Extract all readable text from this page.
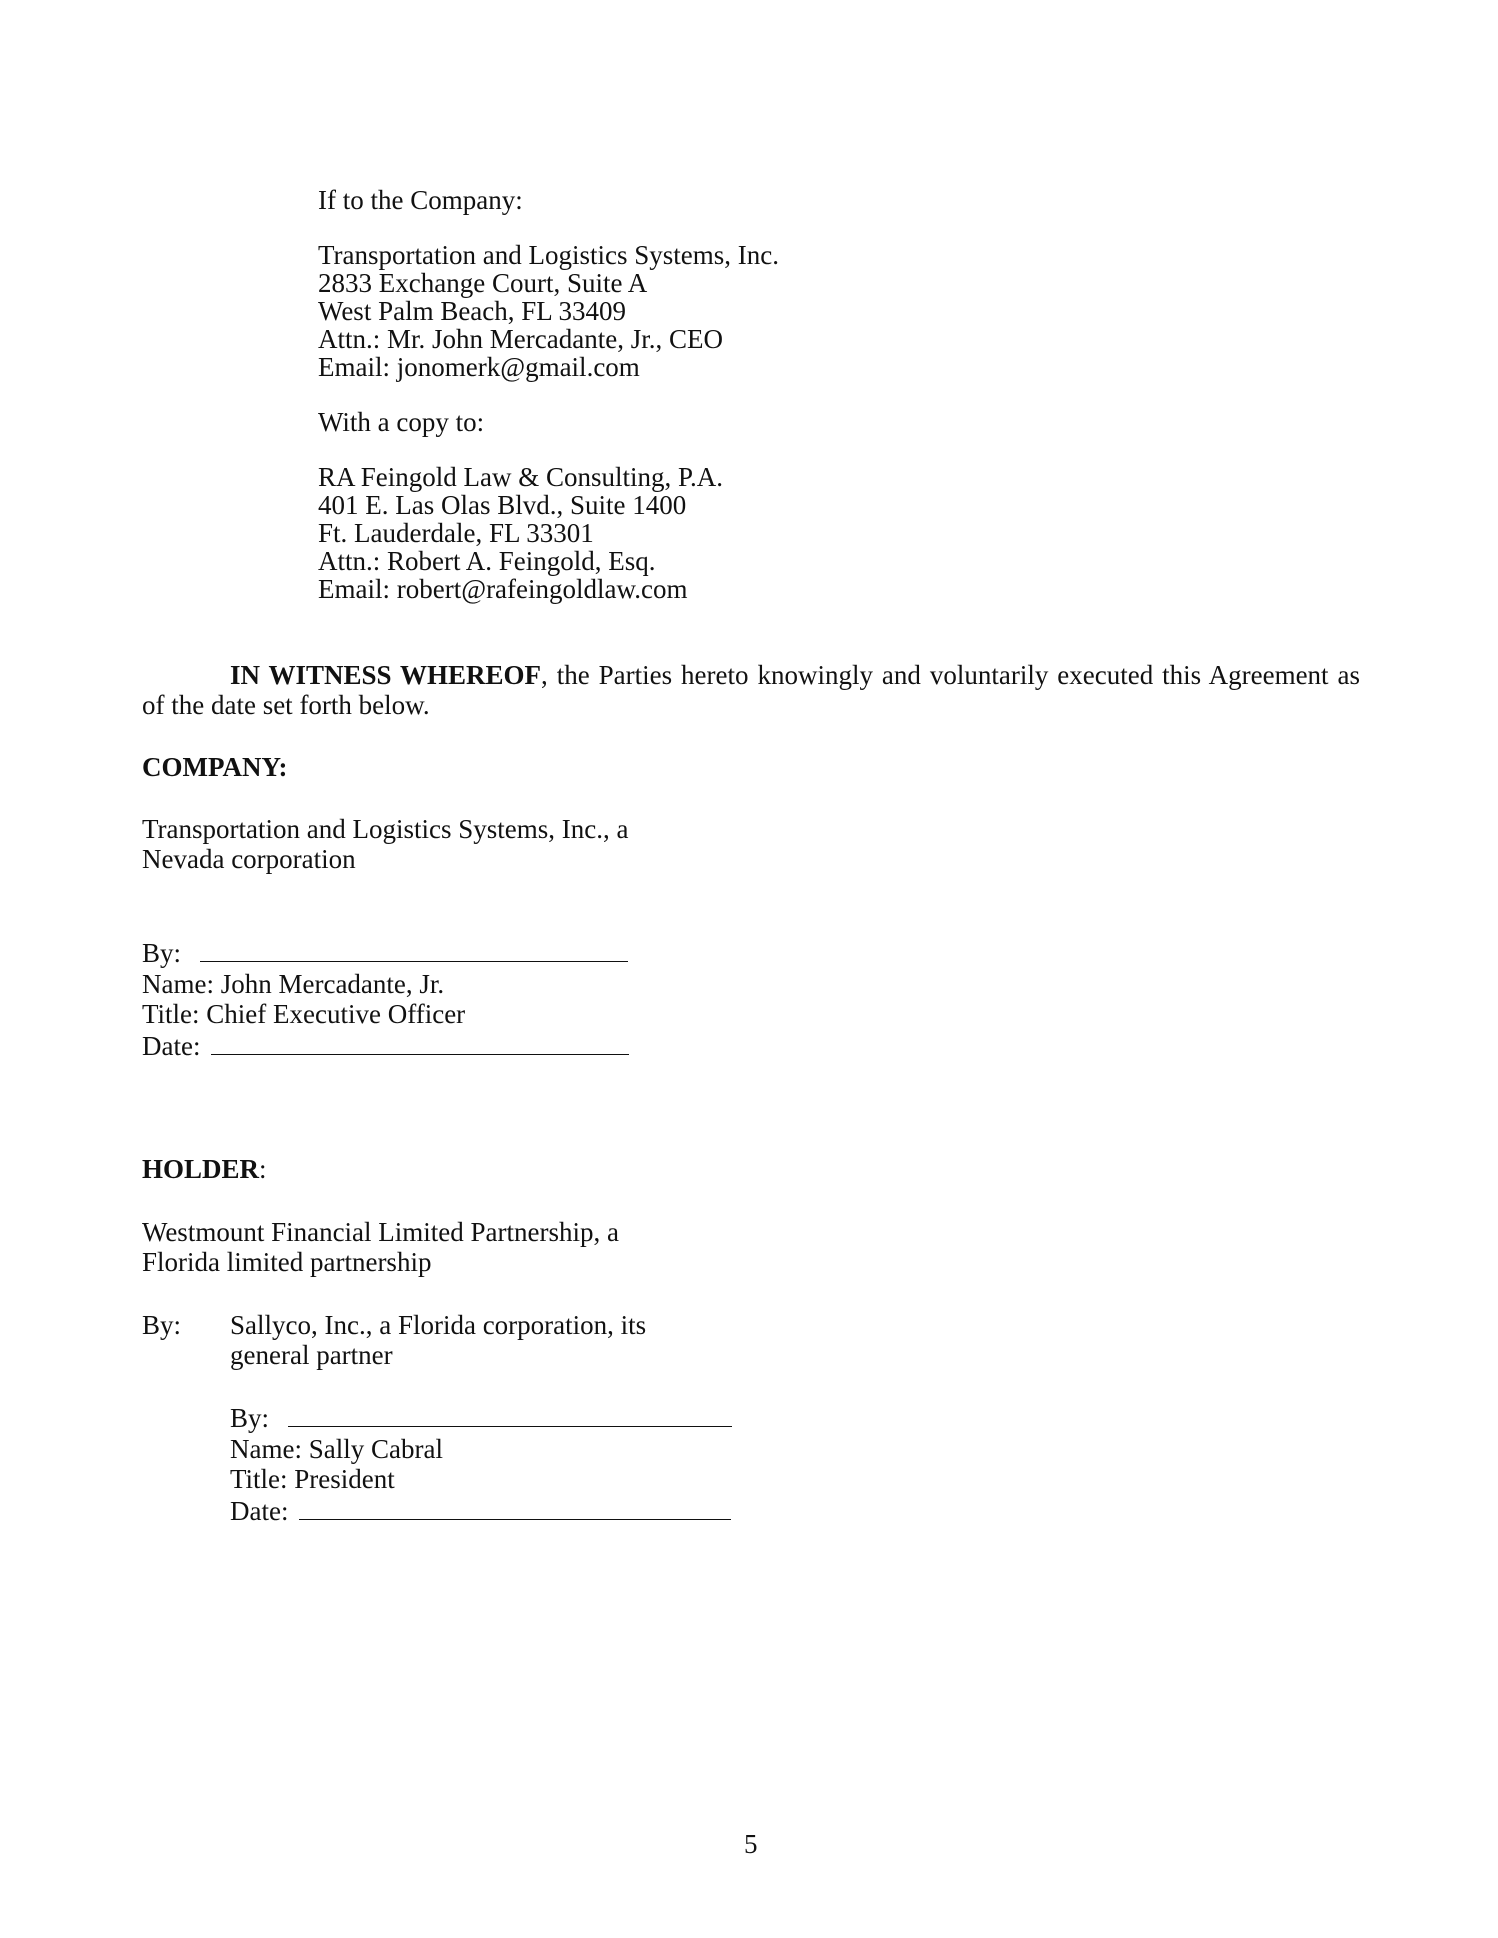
If to the Company:
Transportation and Logistics Systems, Inc.
2833 Exchange Court, Suite A
West Palm Beach, FL 33409
Attn.: Mr. John Mercadante, Jr., CEO
Email: jonomerk@gmail.com
With a copy to:
RA Feingold Law & Consulting, P.A.
401 E. Las Olas Blvd., Suite 1400
Ft. Lauderdale, FL 33301
Attn.: Robert A. Feingold, Esq.
Email: robert@rafeingoldlaw.com
IN WITNESS WHEREOF, the Parties hereto knowingly and voluntarily executed this Agreement as of the date set forth below.
COMPANY:
Transportation and Logistics Systems, Inc., a
Nevada corporation
By:
Name: John Mercadante, Jr.
Title: Chief Executive Officer
Date:
HOLDER:
Westmount Financial Limited Partnership, a
Florida limited partnership
By: Sallyco, Inc., a Florida corporation, its
general partner
By:
Name: Sally Cabral
Title: President
Date:
5
